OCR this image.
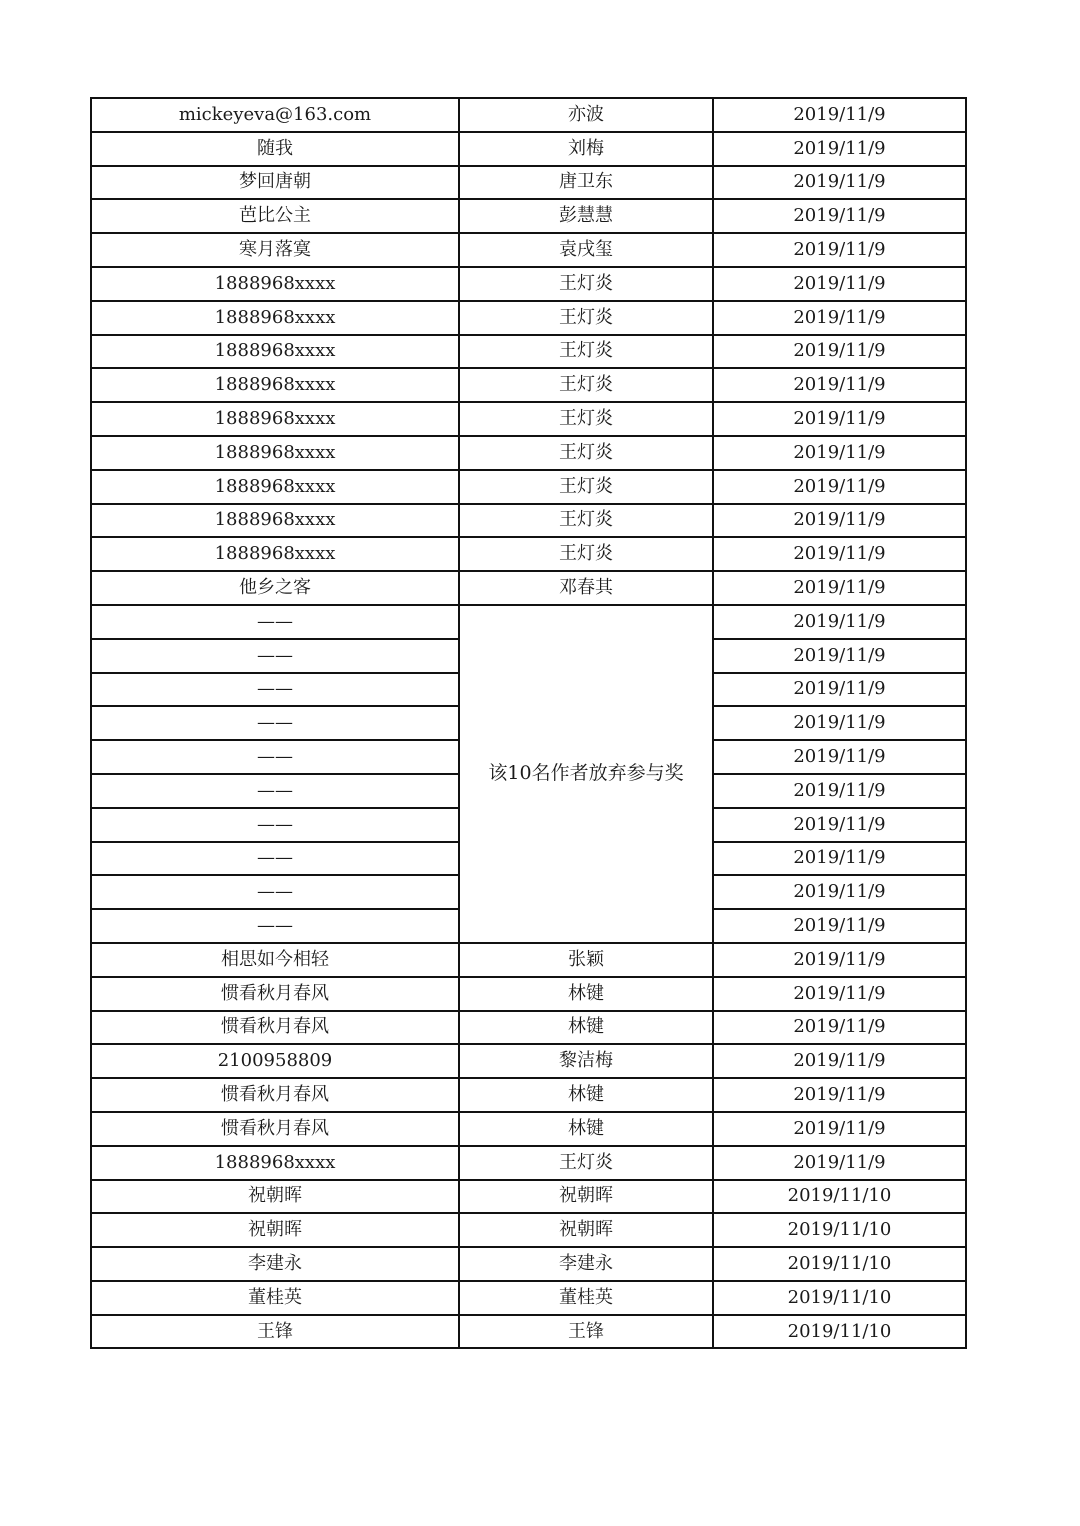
mickeyeva@163.com	亦波	2019/11/9
随我	刘梅	2019/11/9
梦回唐朝	唐卫东	2019/11/9
芭比公主	彭慧慧	2019/11/9
寒月落寞	袁戌玺	2019/11/9
1888968xxxx	王灯炎	2019/11/9
1888968xxxx	王灯炎	2019/11/9
1888968xxxx	王灯炎	2019/11/9
1888968xxxx	王灯炎	2019/11/9
1888968xxxx	王灯炎	2019/11/9
1888968xxxx	王灯炎	2019/11/9
1888968xxxx	王灯炎	2019/11/9
1888968xxxx	王灯炎	2019/11/9
1888968xxxx	王灯炎	2019/11/9
他乡之客	邓春其	2019/11/9
——	该10名作者放弃参与奖	2019/11/9
——		2019/11/9
——		2019/11/9
——		2019/11/9
——		2019/11/9
——		2019/11/9
——		2019/11/9
——		2019/11/9
——		2019/11/9
——		2019/11/9
相思如今相轻	张颖	2019/11/9
惯看秋月春风	林键	2019/11/9
惯看秋月春风	林键	2019/11/9
2100958809	黎洁梅	2019/11/9
惯看秋月春风	林键	2019/11/9
惯看秋月春风	林键	2019/11/9
1888968xxxx	王灯炎	2019/11/9
祝朝晖	祝朝晖	2019/11/10
祝朝晖	祝朝晖	2019/11/10
李建永	李建永	2019/11/10
董桂英	董桂英	2019/11/10
王锋	王锋	2019/11/10
